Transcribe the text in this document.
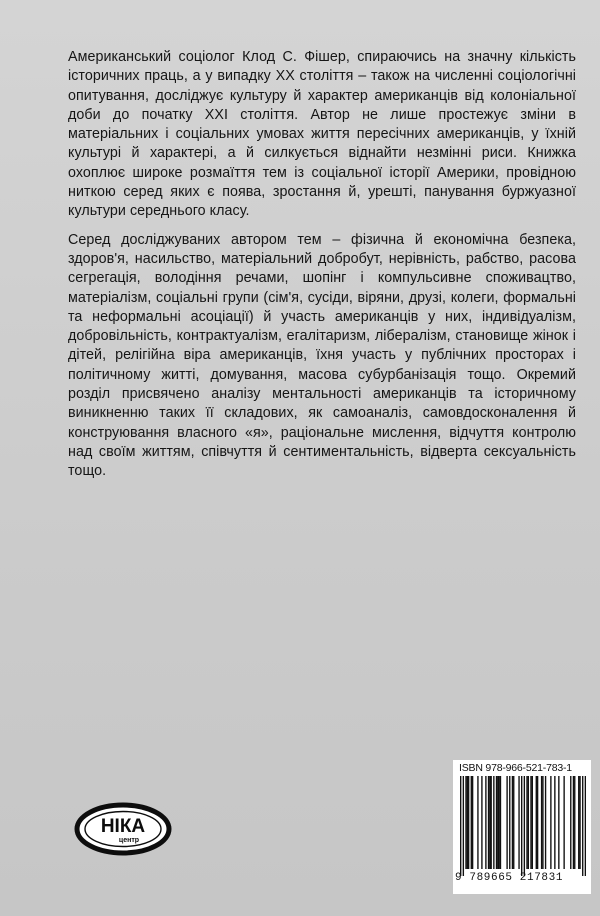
Американський соціолог Клод С. Фішер, спираючись на значну кількість історичних праць, а у випадку XX століття – також на численні соціологічні опитування, досліджує культуру й характер американців від колоніальної доби до початку XXI століття. Автор не лише простежує зміни в матеріальних і соціальних умовах життя пересічних американців, у їхній культурі й характері, а й силкується віднайти незмінні риси. Книжка охоплює широке розмаїття тем із соціальної історії Америки, провідною ниткою серед яких є поява, зростання й, урешті, панування буржуазної культури середнього класу.

Серед досліджуваних автором тем – фізична й економічна безпека, здоров'я, насильство, матеріальний добробут, нерівність, рабство, расова сегрегація, володіння речами, шопінг і компульсивне споживацтво, матеріалізм, соціальні групи (сім'я, сусіди, віряни, друзі, колеги, формальні та неформальні асоціації) й участь американців у них, індивідуалізм, добровільність, контрактуалізм, егалітаризм, лібералізм, становище жінок і дітей, релігійна віра американців, їхня участь у публічних просторах і політичному житті, домування, масова субурбанізація тощо. Окремий розділ присвячено аналізу ментальності американців та історичному виникненню таких її складових, як самоаналіз, самовдосконалення й конструювання власного «я», раціональне мислення, відчуття контролю над своїм життям, співчуття й сентиментальність, відверта сексуальність тощо.

НІКА
центр
ISBN 978-966-521-783-1
9 789665 217831
